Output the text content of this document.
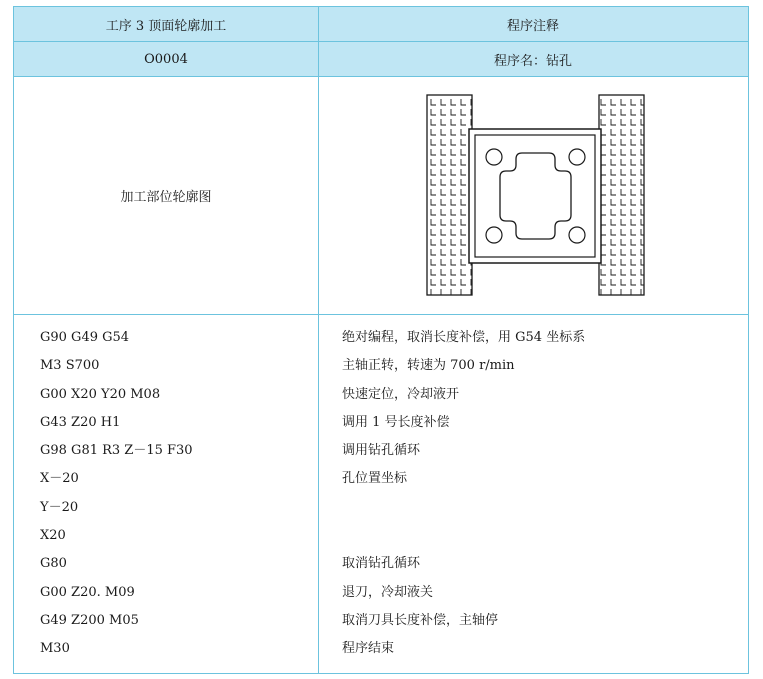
工序 3 顶面轮廓加工	程序注释
O0004	程序名：钻孔
加工部位轮廓图
G90 G49 G54
M3 S700
G00 X20 Y20 M08
G43 Z20 H1
G98 G81 R3 Z－15 F30
X－20
Y－20
X20
G80
G00 Z20. M09
G49 Z200 M05
M30
绝对编程，取消长度补偿，用 G54 坐标系
主轴正转，转速为 700 r/min
快速定位，冷却液开
调用 1 号长度补偿
调用钻孔循环
孔位置坐标
取消钻孔循环
退刀，冷却液关
取消刀具长度补偿，主轴停
程序结束
